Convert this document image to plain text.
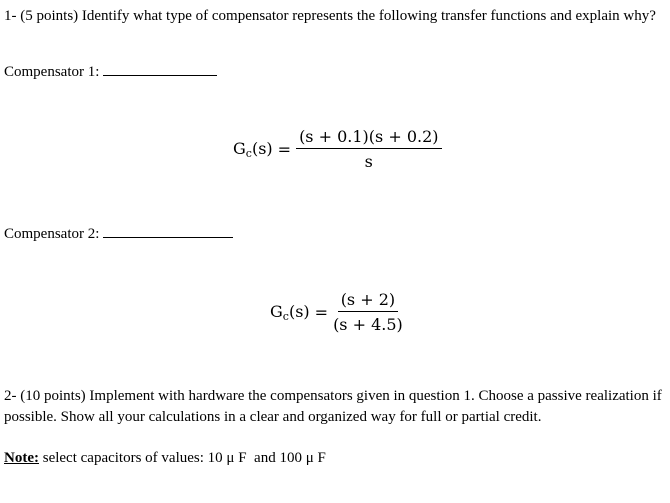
1- (5 points) Identify what type of compensator represents the following transfer functions and explain why?
Compensator 1:
$G_c(s) = \frac{(s + 0.1)(s + 0.2)}{s}$
Compensator 2:
$G_c(s) = \frac{(s + 2)}{(s + 4.5)}$
2- (10 points) Implement with hardware the compensators given in question 1. Choose a passive realization if possible. Show all your calculations in a clear and organized way for full or partial credit.
Note: select capacitors of values: 10 μ F  and 100 μ F
